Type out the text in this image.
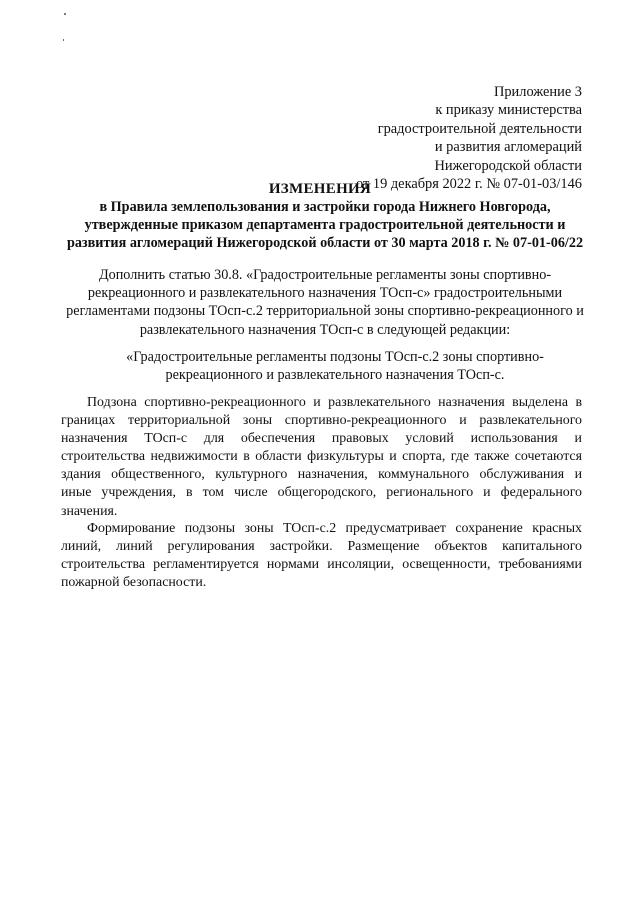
Приложение 3
к приказу министерства
градостроительной деятельности
и развития агломераций
Нижегородской области
от 19 декабря 2022 г. № 07-01-03/146
ИЗМЕНЕНИЯ
в Правила землепользования и застройки города Нижнего Новгорода,
утвержденные приказом департамента градостроительной деятельности и
развития агломераций Нижегородской области от 30 марта 2018 г. № 07-01-06/22
Дополнить статью 30.8. «Градостроительные регламенты зоны спортивно-
рекреационного и развлекательного назначения ТОсп-с» градостроительными
регламентами подзоны ТОсп-с.2 территориальной зоны спортивно-рекреационного и
развлекательного назначения ТОсп-с в следующей редакции:
«Градостроительные регламенты подзоны ТОсп-с.2 зоны спортивно-
рекреационного и развлекательного назначения ТОсп-с.
Подзона спортивно-рекреационного и развлекательного назначения выделена в
границах территориальной зоны спортивно-рекреационного и развлекательного
назначения ТОсп-с для обеспечения правовых условий использования и
строительства недвижимости в области физкультуры и спорта, где также сочетаются
здания общественного, культурного назначения, коммунального обслуживания и
иные учреждения, в том числе общегородского, регионального и федерального
значения.
Формирование подзоны зоны ТОсп-с.2 предусматривает сохранение красных
линий, линий регулирования застройки. Размещение объектов капитального
строительства регламентируется нормами инсоляции, освещенности, требованиями
пожарной безопасности.
